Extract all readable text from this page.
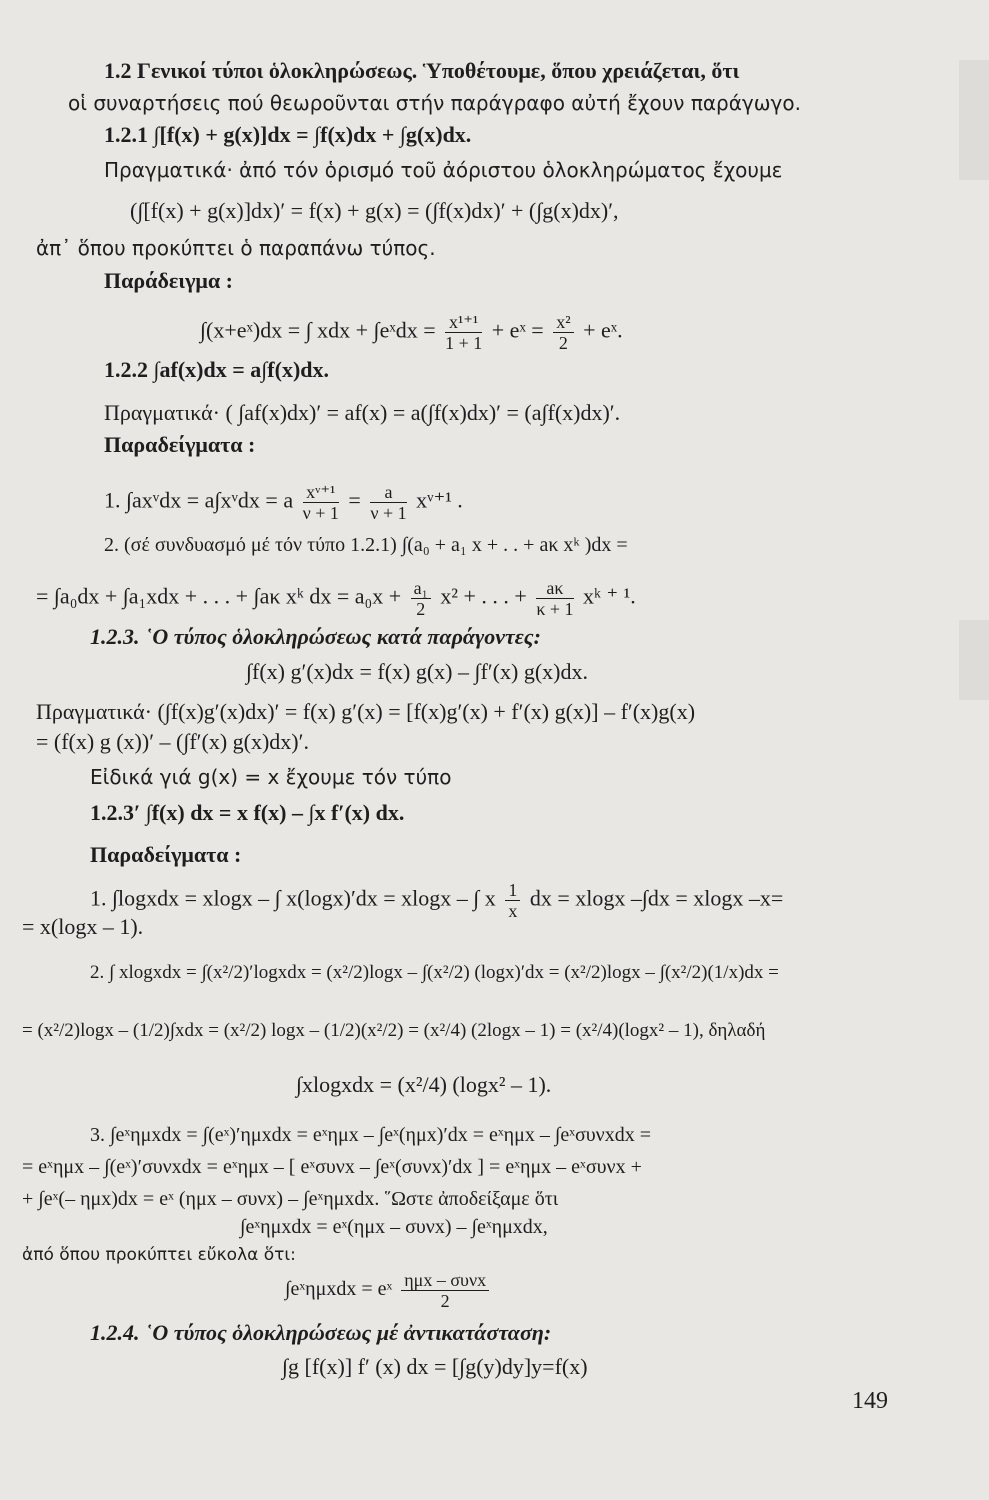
1.2 Γενικοί τύποι ὁλοκληρώσεως. Ὑποθέτουμε, ὅπου χρειάζεται, ὅτι
οἱ συναρτήσεις πού θεωροῦνται στήν παράγραφο αὐτή ἔχουν παράγωγο.
1.2.1 ∫[f(x) + g(x)]dx = ∫f(x)dx + ∫g(x)dx.
Πραγματικά· ἀπό τόν ὁρισμό τοῦ ἀόριστου ὁλοκληρώματος ἔχουμε
(∫[f(x) + g(x)]dx)′ = f(x) + g(x) = (∫f(x)dx)′ + (∫g(x)dx)′,
ἀπ᾽ ὅπου προκύπτει ὁ παραπάνω τύπος.
Παράδειγμα :
∫(x+eˣ)dx = ∫ xdx + ∫eˣdx = $\frac{\text{x¹⁺¹}}{1 + 1}$ + eˣ = $\frac{\text{x²}}{2}$ + eˣ.
1.2.2 ∫af(x)dx = a∫f(x)dx.
Πραγματικά· ( ∫af(x)dx)′ = af(x) = a(∫f(x)dx)′ = (a∫f(x)dx)′.
Παραδείγματα :
1. ∫axᵛdx = a∫xᵛdx = a $\frac{\text{xᵛ⁺¹}}{\nu + 1} = \frac{a}{\nu + 1}$ xᵛ⁺¹ .
2. (σέ συνδυασμό μέ τόν τύπο 1.2.1) ∫(a₀ + a₁ x + . . + aκ xᵏ )dx =
= ∫a₀dx + ∫a₁xdx + . . . + ∫aκ xᵏ dx = $a_0x + \frac{\text{a₁}}{2} x^2$ + . . . + $\frac{a\kappa}{\kappa + 1}$ xᵏ ⁺ ¹.
1.2.3. ῾Ο τύπος ὁλοκληρώσεως κατά παράγοντες:
∫f(x) g′(x)dx = f(x) g(x) – ∫f′(x) g(x)dx.
Πραγματικά· (∫f(x)g′(x)dx)′ = f(x) g′(x) = [f(x)g′(x) + f′(x) g(x)] – f′(x)g(x)
= (f(x) g (x))′ – (∫f′(x) g(x)dx)′.
Εἰδικά γιά g(x) = x ἔχουμε τόν τύπο
1.2.3′ ∫f(x) dx = x f(x) – ∫x f′(x) dx.
Παραδείγματα :
1. ∫logxdx = xlogx – ∫ x(logx)′dx = xlogx – ∫ x $\frac{1}{x}$ dx = xlogx –∫dx = xlogx –x=
= x(logx – 1).
2. ∫ xlogxdx = ∫(x²/2)′logxdx = (x²/2)logx – ∫(x²/2) (logx)′dx = (x²/2)logx – ∫(x²/2)(1/x)dx =
= (x²/2)logx – (1/2)∫xdx = (x²/2) logx – (1/2)(x²/2) = (x²/4) (2logx – 1) = (x²/4)(logx² – 1), δηλαδή
∫xlogxdx = (x²/4) (logx² – 1).
3. ∫eˣημxdx = ∫(eˣ)′ημxdx = eˣημx – ∫eˣ(ημx)′dx = eˣημx – ∫eˣσυνxdx =
= eˣημx – ∫(eˣ)′συνxdx = eˣημx – [ eˣσυνx – ∫eˣ(συνx)′dx ] = eˣημx – eˣσυνx +
+ ∫eˣ(– ημx)dx = eˣ (ημx – συνx) – ∫eˣημxdx. ῞Ωστε ἀποδείξαμε ὅτι
∫eˣημxdx = eˣ(ημx – συνx) – ∫eˣημxdx,
ἀπό ὅπου προκύπτει εὔκολα ὅτι:
∫eˣημxdx = eˣ ημx – συνx
2
1.2.4. ῾Ο τύπος ὁλοκληρώσεως μέ ἀντικατάσταση:
∫g [f(x)] f′ (x) dx = [∫g(y)dy]y=f(x)
149
